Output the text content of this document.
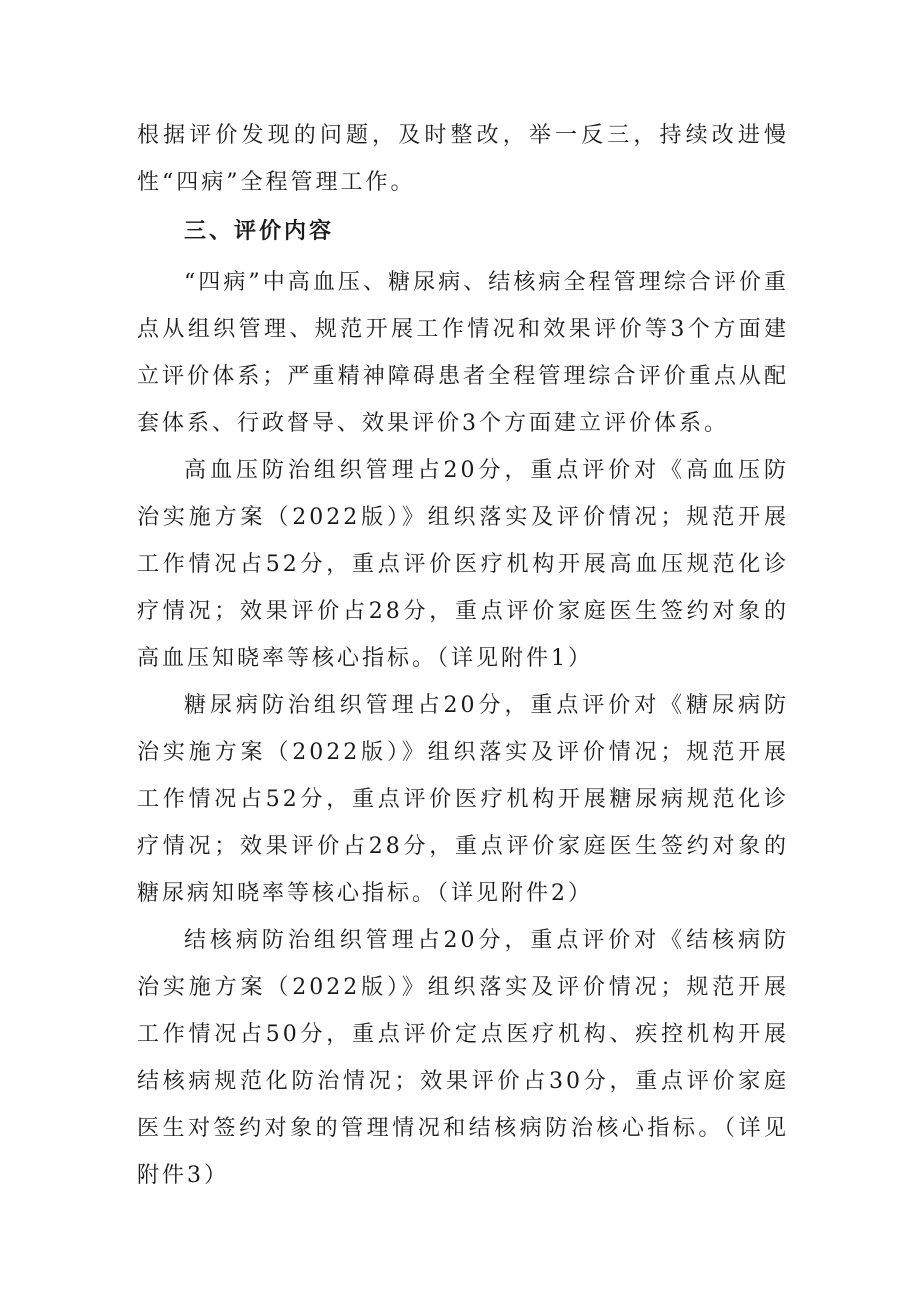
根据评价发现的问题，及时整改，举一反三，持续改进慢性“四病”全程管理工作。

三、评价内容

“四病”中高血压、糖尿病、结核病全程管理综合评价重点从组织管理、规范开展工作情况和效果评价等3个方面建立评价体系；严重精神障碍患者全程管理综合评价重点从配套体系、行政督导、效果评价3个方面建立评价体系。

高血压防治组织管理占20分，重点评价对《高血压防治实施方案（2022版）》组织落实及评价情况；规范开展工作情况占52分，重点评价医疗机构开展高血压规范化诊疗情况；效果评价占28分，重点评价家庭医生签约对象的高血压知晓率等核心指标。（详见附件1）

糖尿病防治组织管理占20分，重点评价对《糖尿病防治实施方案（2022版）》组织落实及评价情况；规范开展工作情况占52分，重点评价医疗机构开展糖尿病规范化诊疗情况；效果评价占28分，重点评价家庭医生签约对象的糖尿病知晓率等核心指标。（详见附件2）

结核病防治组织管理占20分，重点评价对《结核病防治实施方案（2022版）》组织落实及评价情况；规范开展工作情况占50分，重点评价定点医疗机构、疾控机构开展结核病规范化防治情况；效果评价占30分，重点评价家庭医生对签约对象的管理情况和结核病防治核心指标。（详见附件3）
